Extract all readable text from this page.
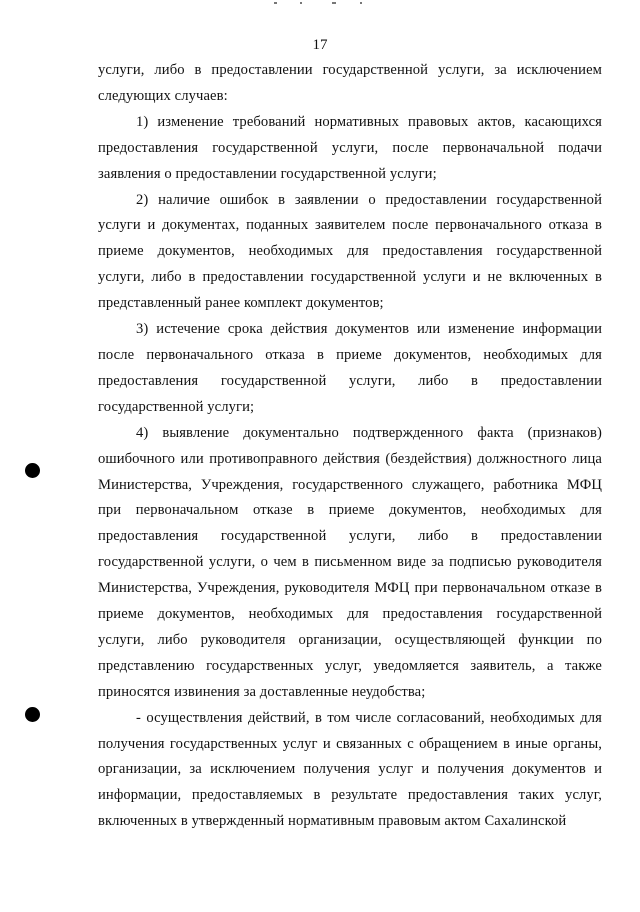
17

услуги, либо в предоставлении государственной услуги, за исключением следующих случаев:

1) изменение требований нормативных правовых актов, касающихся предоставления государственной услуги, после первоначальной подачи заявления о предоставлении государственной услуги;

2) наличие ошибок в заявлении о предоставлении государственной услуги и документах, поданных заявителем после первоначального отказа в приеме документов, необходимых для предоставления государственной услуги, либо в предоставлении государственной услуги и не включенных в представленный ранее комплект документов;

3) истечение срока действия документов или изменение информации после первоначального отказа в приеме документов, необходимых для предоставления государственной услуги, либо в предоставлении государственной услуги;

4) выявление документально подтвержденного факта (признаков) ошибочного или противоправного действия (бездействия) должностного лица Министерства, Учреждения, государственного служащего, работника МФЦ при первоначальном отказе в приеме документов, необходимых для предоставления государственной услуги, либо в предоставлении государственной услуги, о чем в письменном виде за подписью руководителя Министерства, Учреждения, руководителя МФЦ при первоначальном отказе в приеме документов, необходимых для предоставления государственной услуги, либо руководителя организации, осуществляющей функции по представлению государственных услуг, уведомляется заявитель, а также приносятся извинения за доставленные неудобства;

- осуществления действий, в том числе согласований, необходимых для получения государственных услуг и связанных с обращением в иные органы, организации, за исключением получения услуг и получения документов и информации, предоставляемых в результате предоставления таких услуг, включенных в утвержденный нормативным правовым актом Сахалинской
